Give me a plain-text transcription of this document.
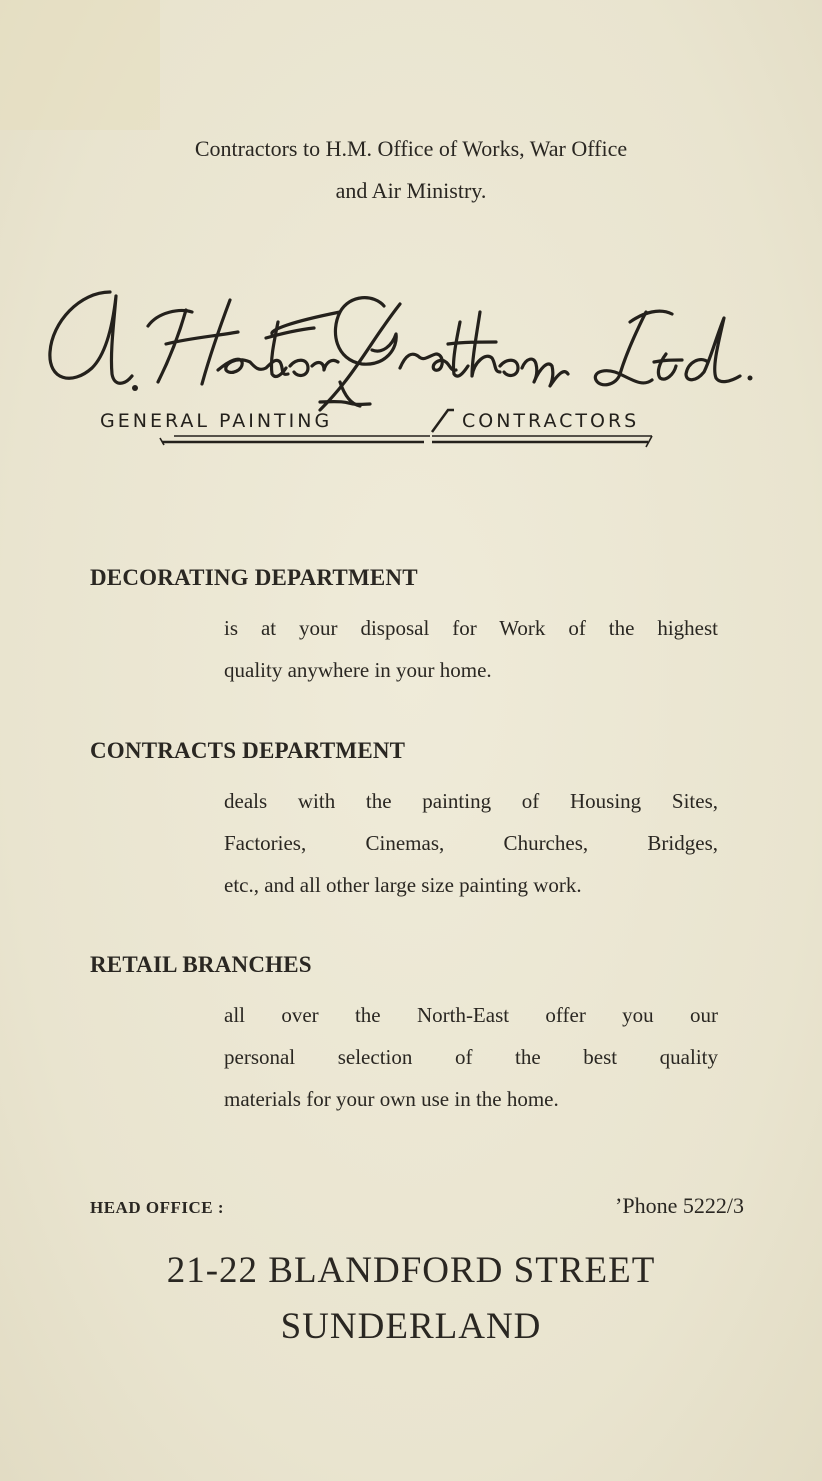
Contractors to H.M. Office of Works, War Office
and Air Ministry.
GENERAL PAINTING	CONTRACTORS
DECORATING DEPARTMENT
is at your disposal for Work of the highest
quality anywhere in your home.
CONTRACTS DEPARTMENT
deals with the painting of Housing Sites,
Factories, Cinemas, Churches, Bridges,
etc., and all other large size painting work.
RETAIL BRANCHES
all over the North-East offer you our
personal selection of the best quality
materials for your own use in the home.
HEAD OFFICE :	’Phone 5222/3
21-22 BLANDFORD STREET
SUNDERLAND
